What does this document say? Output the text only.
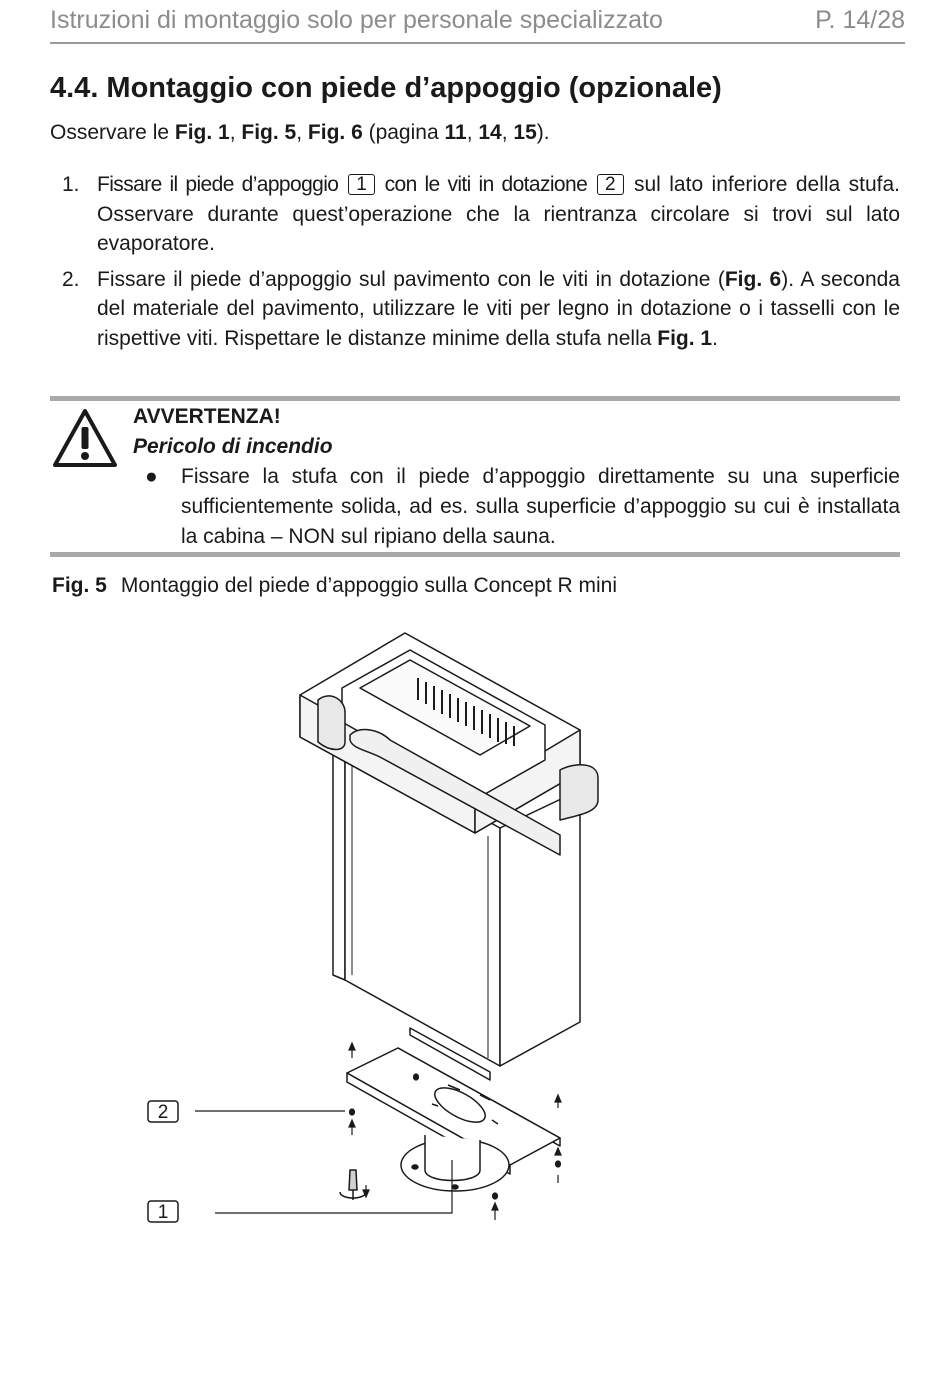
Istruzioni di montaggio solo per personale specializzato	P. 14/28
4.4. Montaggio con piede d’appoggio (opzionale)
Osservare le Fig. 1, Fig. 5, Fig. 6 (pagina 11, 14, 15).
1. Fissare il piede d’appoggio 1 con le viti in dotazione 2 sul lato inferiore della stufa. Osservare durante quest’operazione che la rientranza circolare si trovi sul lato evaporatore.
2. Fissare il piede d’appoggio sul pavimento con le viti in dotazione (Fig. 6). A seconda del materiale del pavimento, utilizzare le viti per legno in dotazione o i tasselli con le rispettive viti. Rispettare le distanze minime della stufa nella Fig. 1.
AVVERTENZA!
Pericolo di incendio
● Fissare la stufa con il piede d’appoggio direttamente su una superficie sufficientemente solida, ad es. sulla superficie d’appoggio su cui è installata la cabina – NON sul ripiano della sauna.
Fig. 5 Montaggio del piede d’appoggio sulla Concept R mini
2
1
